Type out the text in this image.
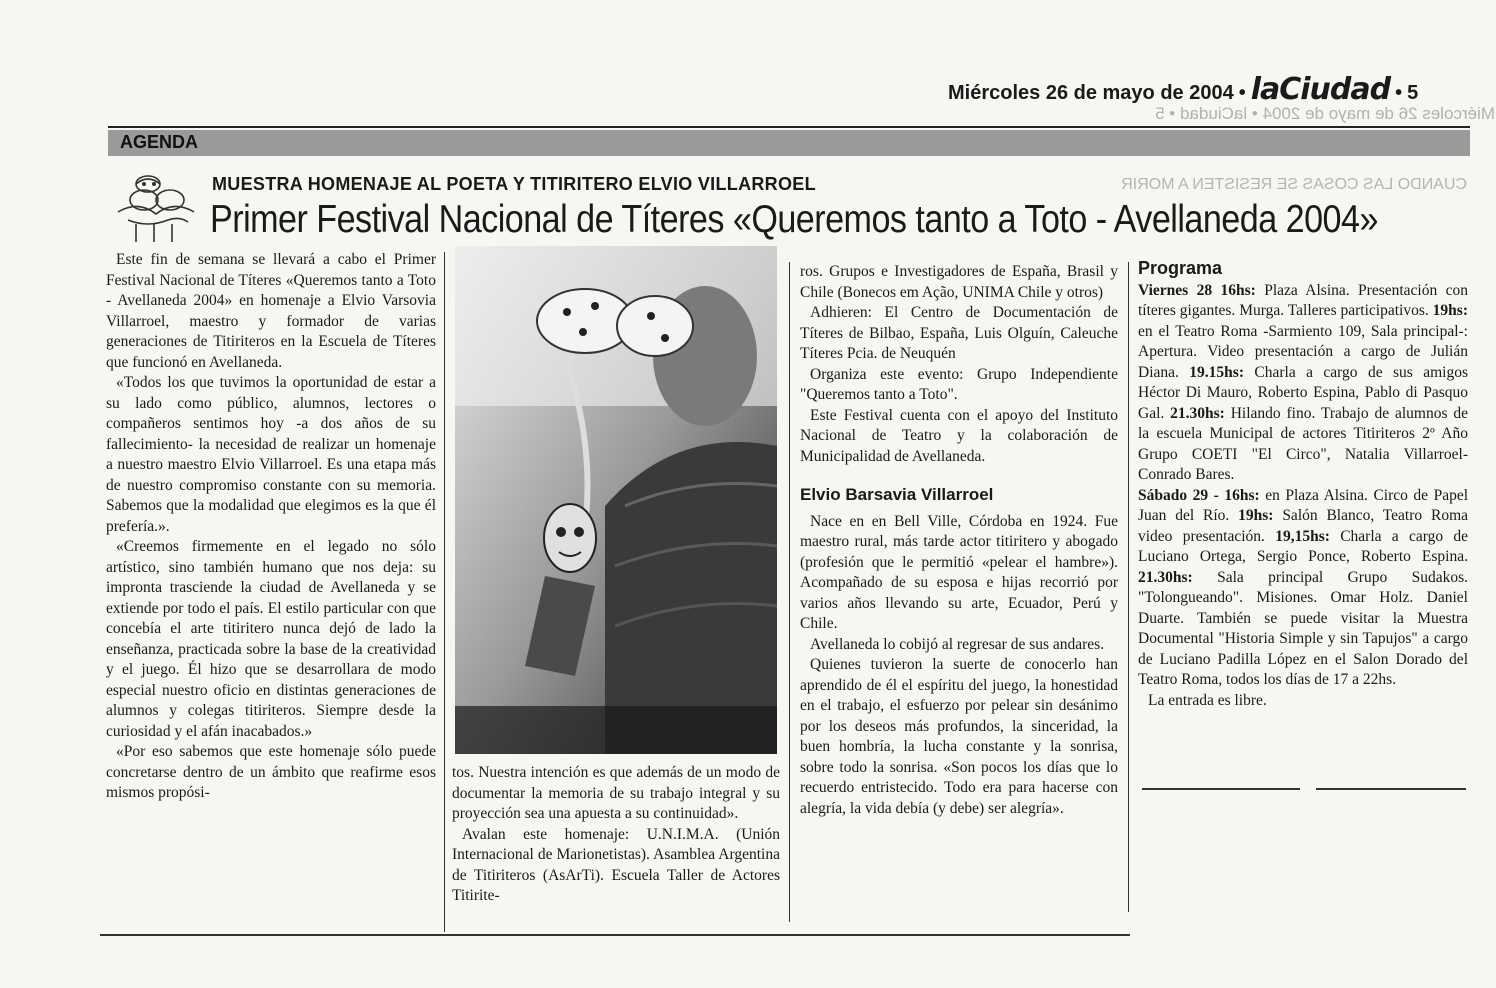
Miércoles 26 de mayo de 2004 • laCiudad • 5
Miércoles 26 de mayo de 2004 • laCiudad • 5
AGENDA
CUANDO LAS COSAS SE RESISTEN A MORIR
MUESTRA HOMENAJE AL POETA Y TITIRITERO ELVIO VILLARROEL
Primer Festival Nacional de Títeres «Queremos tanto a Toto - Avellaneda 2004»

Este fin de semana se llevará a cabo el Primer Festival Nacional de Títeres «Queremos tanto a Toto - Avellaneda 2004» en homenaje a Elvio Varsovia Villarroel, maestro y formador de varias generaciones de Titiriteros en la Escuela de Títeres que funcionó en Avellaneda.

«Todos los que tuvimos la oportunidad de estar a su lado como público, alumnos, lectores o compañeros sentimos hoy -a dos años de su fallecimiento- la necesidad de realizar un homenaje a nuestro maestro Elvio Villarroel. Es una etapa más de nuestro compromiso constante con su memoria. Sabemos que la modalidad que elegimos es la que él prefería.».

«Creemos firmemente en el legado no sólo artístico, sino también humano que nos deja: su impronta trasciende la ciudad de Avellaneda y se extiende por todo el país. El estilo particular con que concebía el arte titiritero nunca dejó de lado la enseñanza, practicada sobre la base de la creatividad y el juego. Él hizo que se desarrollara de modo especial nuestro oficio en distintas generaciones de alumnos y colegas titiriteros. Siempre desde la curiosidad y el afán inacabados.»

«Por eso sabemos que este homenaje sólo puede concretarse dentro de un ámbito que reafirme esos mismos propósi-

tos. Nuestra intención es que además de un modo de documentar la memoria de su trabajo integral y su proyección sea una apuesta a su continuidad».

Avalan este homenaje: U.N.I.M.A. (Unión Internacional de Marionetistas). Asamblea Argentina de Titiriteros (AsArTi). Escuela Taller de Actores Titirite-

ros. Grupos e Investigadores de España, Brasil y Chile (Bonecos em Ação, UNIMA Chile y otros)

Adhieren: El Centro de Documentación de Títeres de Bilbao, España, Luis Olguín, Caleuche Títeres Pcia. de Neuquén

Organiza este evento: Grupo Independiente "Queremos tanto a Toto".

Este Festival cuenta con el apoyo del Instituto Nacional de Teatro y la colaboración de Municipalidad de Avellaneda.

Elvio Barsavia Villarroel

Nace en en Bell Ville, Córdoba en 1924. Fue maestro rural, más tarde actor titiritero y abogado (profesión que le permitió «pelear el hambre»). Acompañado de su esposa e hijas recorrió por varios años llevando su arte, Ecuador, Perú y Chile.

Avellaneda lo cobijó al regresar de sus andares.

Quienes tuvieron la suerte de conocerlo han aprendido de él el espíritu del juego, la honestidad en el trabajo, el esfuerzo por pelear sin desánimo por los deseos más profundos, la sinceridad, la buen hombría, la lucha constante y la sonrisa, sobre todo la sonrisa. «Son pocos los días que lo recuerdo entristecido. Todo era para hacerse con alegría, la vida debía (y debe) ser alegría».

Programa

Viernes 28 16hs: Plaza Alsina. Presentación con títeres gigantes. Murga. Talleres participativos. 19hs: en el Teatro Roma -Sarmiento 109, Sala principal-: Apertura. Video presentación a cargo de Julián Diana. 19.15hs: Charla a cargo de sus amigos Héctor Di Mauro, Roberto Espina, Pablo di Pasquo Gal. 21.30hs: Hilando fino. Trabajo de alumnos de la escuela Municipal de actores Titiriteros 2º Año Grupo COETI "El Circo", Natalia Villarroel- Conrado Bares.

Sábado 29 - 16hs: en Plaza Alsina. Circo de Papel Juan del Río. 19hs: Salón Blanco, Teatro Roma video presentación. 19,15hs: Charla a cargo de Luciano Ortega, Sergio Ponce, Roberto Espina. 21.30hs: Sala principal Grupo Sudakos. "Tolongueando". Misiones. Omar Holz. Daniel Duarte. También se puede visitar la Muestra Documental "Historia Simple y sin Tapujos" a cargo de Luciano Padilla López en el Salon Dorado del Teatro Roma, todos los días de 17 a 22hs.

La entrada es libre.
